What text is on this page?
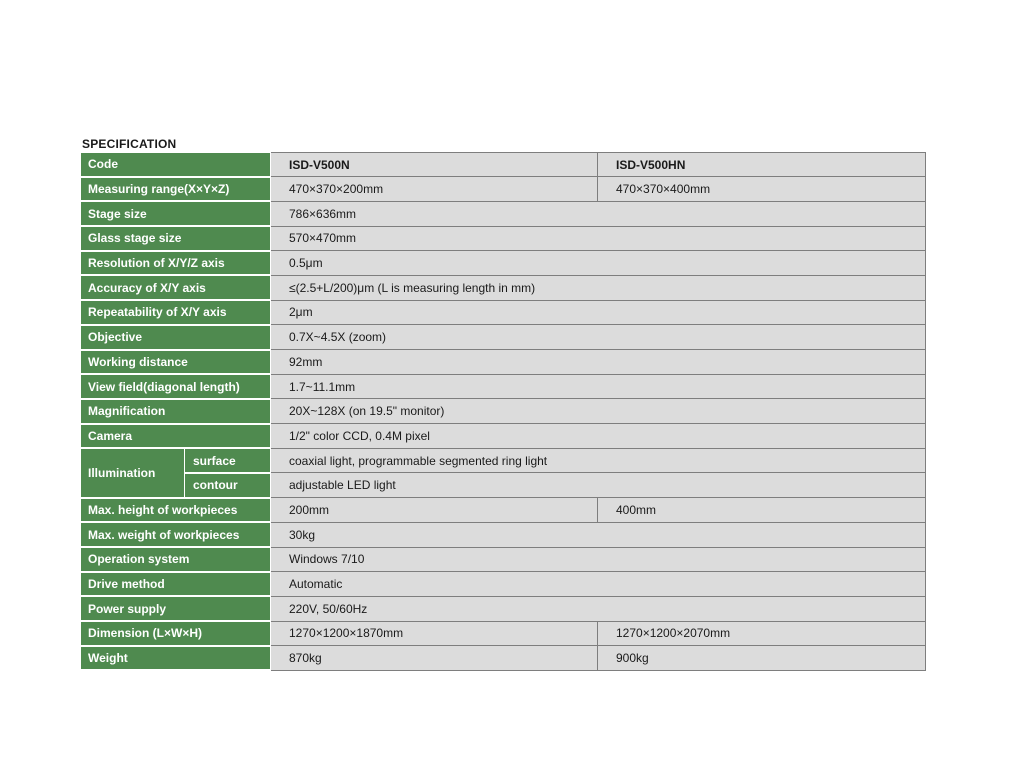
SPECIFICATION
Code		ISD-V500N	ISD-V500HN
Measuring range(X×Y×Z)		470×370×200mm	470×370×400mm
Stage size		786×636mm	
Glass stage size		570×470mm	
Resolution of X/Y/Z axis		0.5μm	
Accuracy of X/Y axis		≤(2.5+L/200)μm (L is measuring length in mm)	
Repeatability of X/Y axis		2μm	
Objective		0.7X~4.5X (zoom)	
Working distance		92mm	
View field(diagonal length)		1.7~11.1mm	
Magnification		20X~128X (on 19.5" monitor)	
Camera		1/2" color CCD, 0.4M pixel	
Illumination	surface	coaxial light, programmable segmented ring light	
	contour	adjustable LED light	
Max. height of workpieces		200mm	400mm
Max. weight of workpieces		30kg	
Operation system		Windows 7/10	
Drive method		Automatic	
Power supply		220V, 50/60Hz	
Dimension (L×W×H)		1270×1200×1870mm	1270×1200×2070mm
Weight		870kg	900kg
